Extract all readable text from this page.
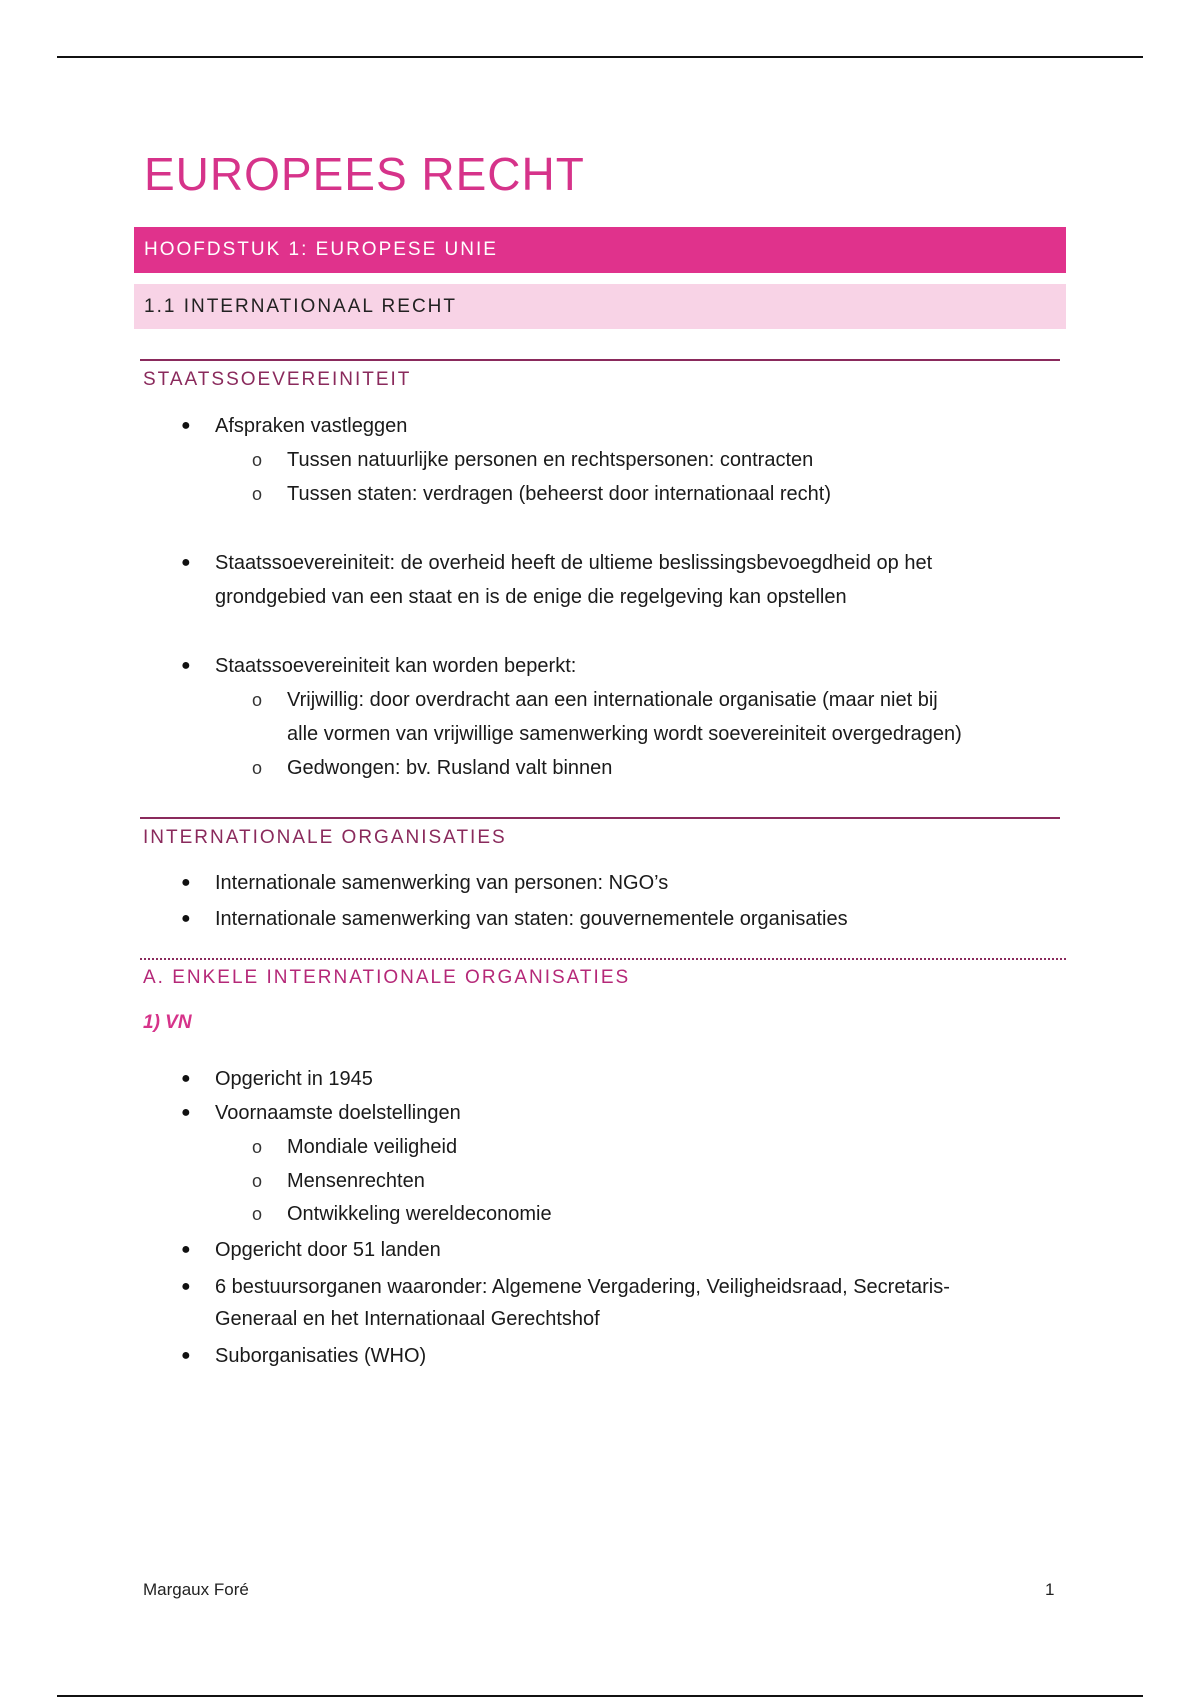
EUROPEES RECHT
HOOFDSTUK 1: EUROPESE UNIE
1.1 INTERNATIONAAL RECHT
STAATSSOEVEREINITEIT
● Afspraken vastleggen
o Tussen natuurlijke personen en rechtspersonen: contracten
o Tussen staten: verdragen (beheerst door internationaal recht)
● Staatssoevereiniteit: de overheid heeft de ultieme beslissingsbevoegdheid op het
grondgebied van een staat en is de enige die regelgeving kan opstellen
● Staatssoevereiniteit kan worden beperkt:
o Vrijwillig: door overdracht aan een internationale organisatie (maar niet bij
alle vormen van vrijwillige samenwerking wordt soevereiniteit overgedragen)
o Gedwongen: bv. Rusland valt binnen
INTERNATIONALE ORGANISATIES
● Internationale samenwerking van personen: NGO’s
● Internationale samenwerking van staten: gouvernementele organisaties
A. ENKELE INTERNATIONALE ORGANISATIES
1) VN
● Opgericht in 1945
● Voornaamste doelstellingen
o Mondiale veiligheid
o Mensenrechten
o Ontwikkeling wereldeconomie
● Opgericht door 51 landen
● 6 bestuursorganen waaronder: Algemene Vergadering, Veiligheidsraad, Secretaris-
Generaal en het Internationaal Gerechtshof
● Suborganisaties (WHO)
Margaux Foré	1
